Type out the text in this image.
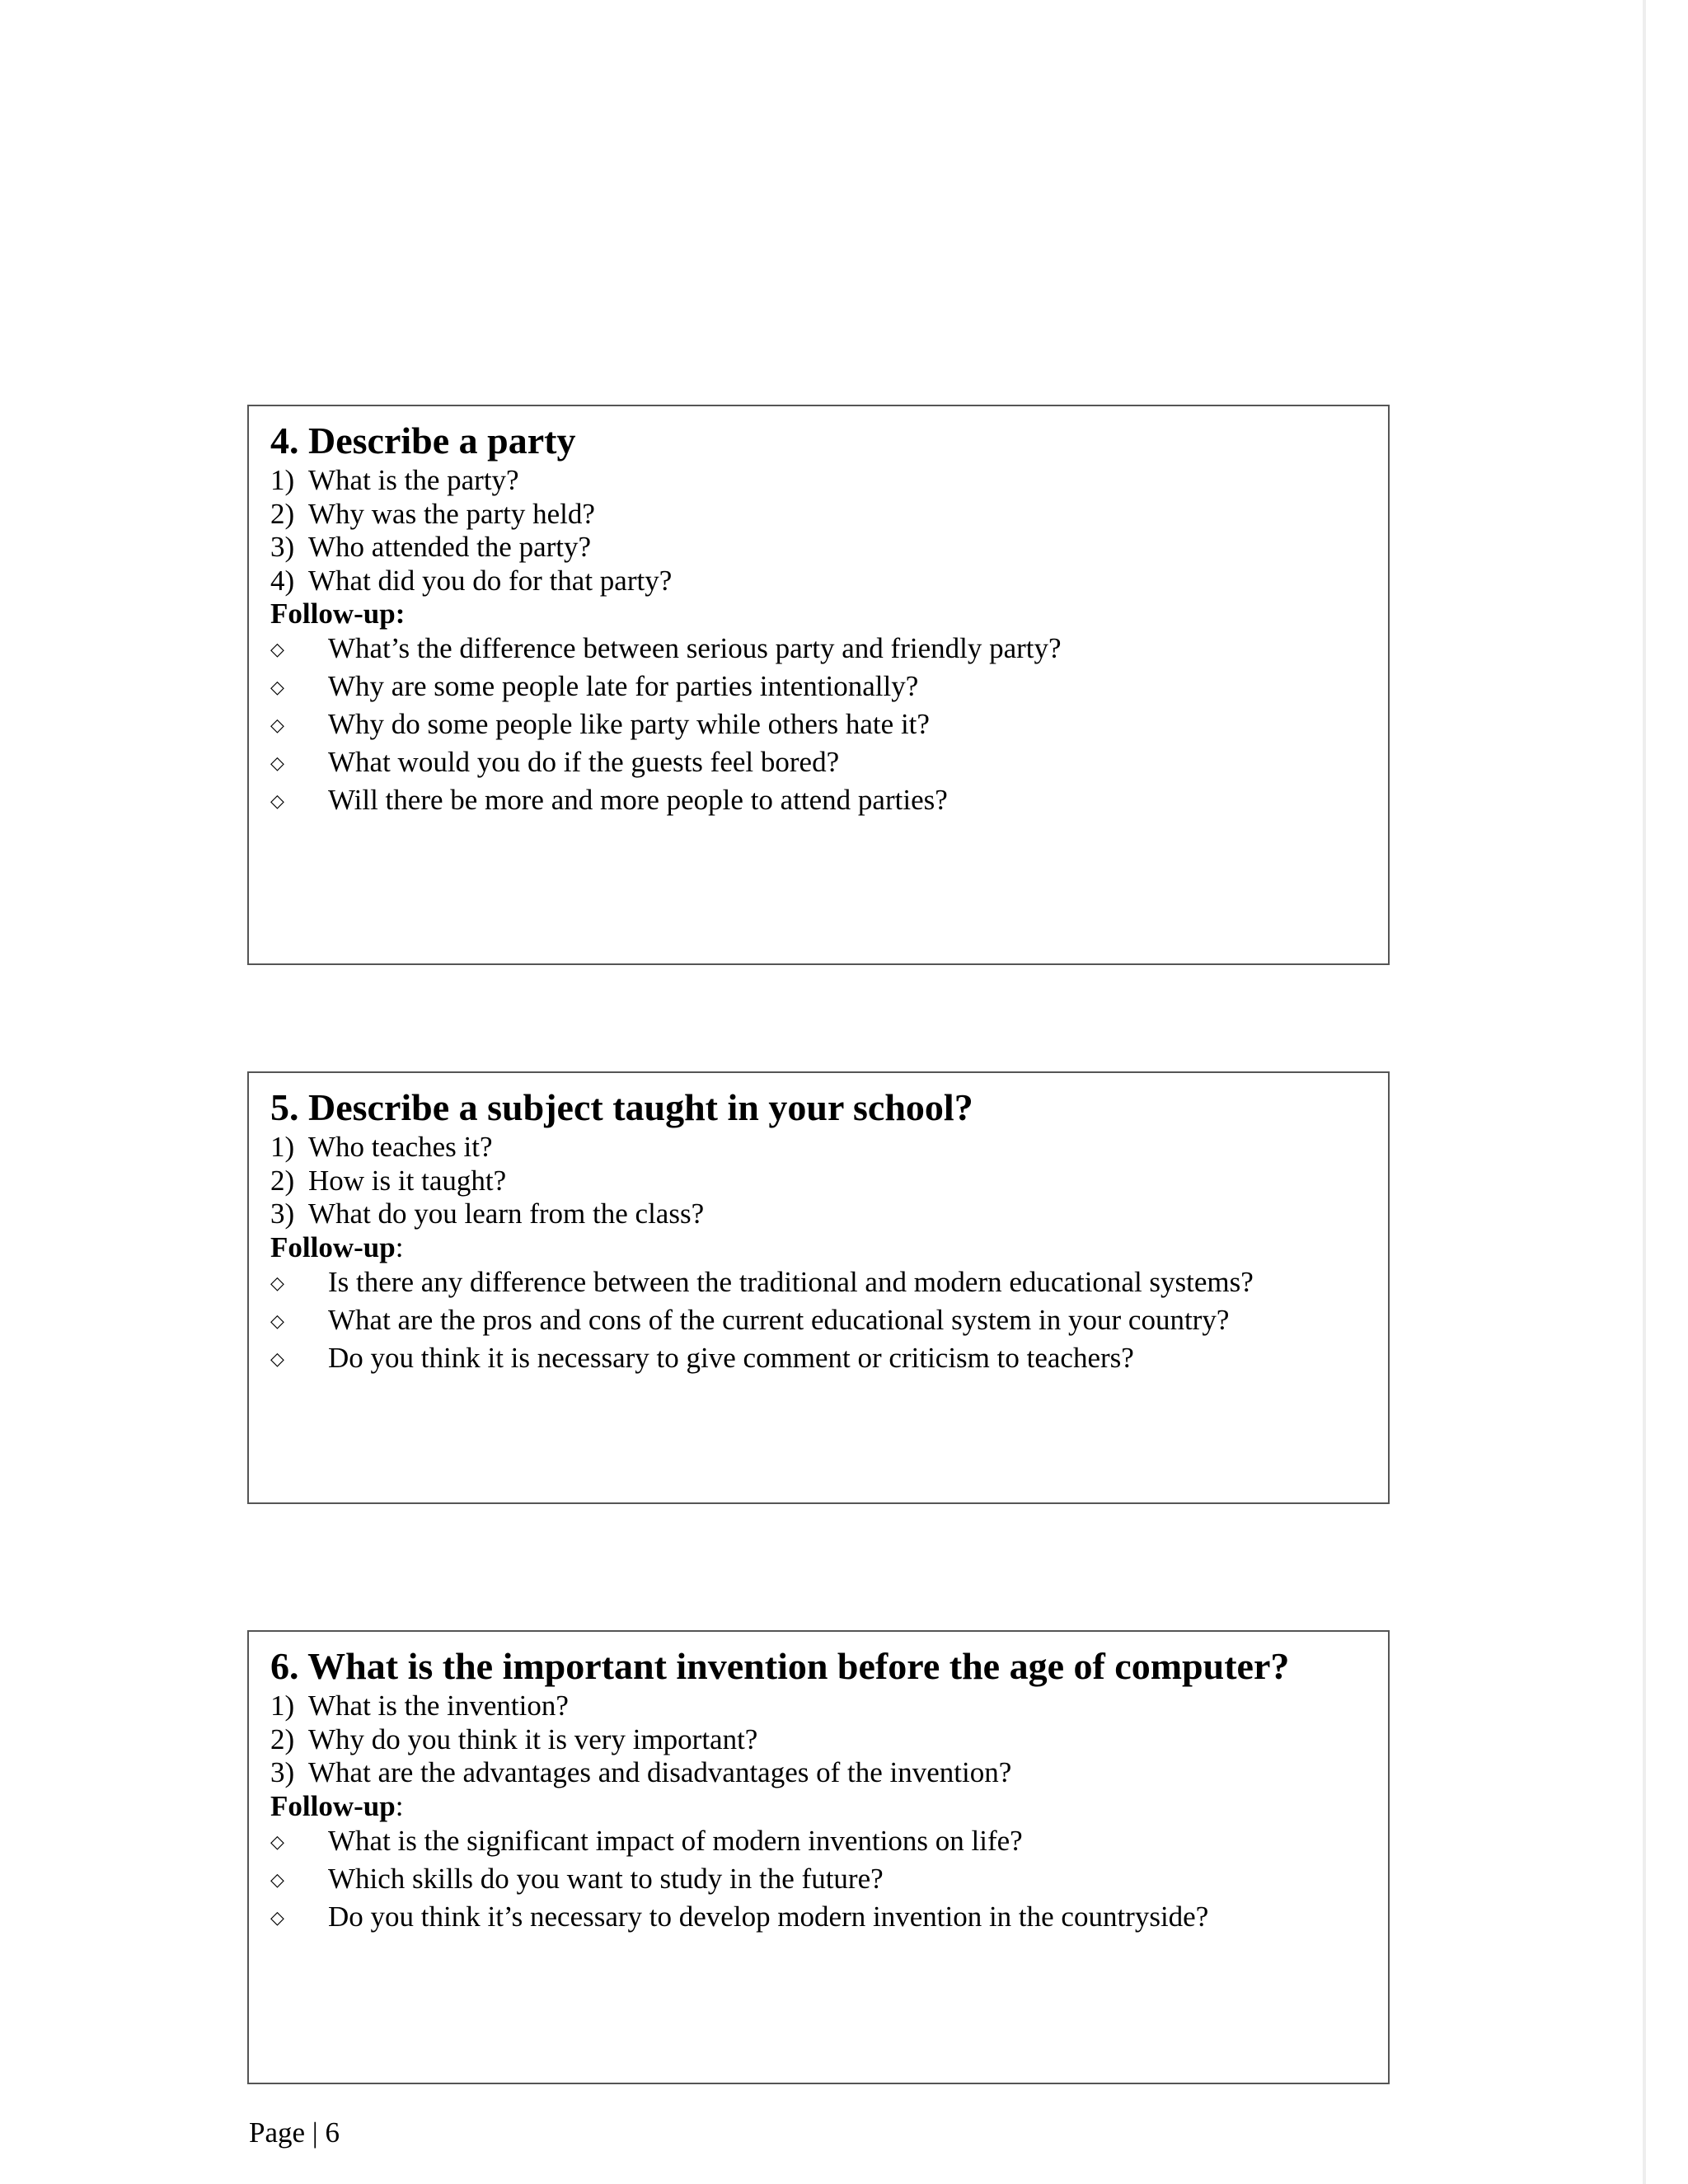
4. Describe a party
1) What is the party?
2) Why was the party held?
3) Who attended the party?
4) What did you do for that party?
Follow-up:
◇ What’s the difference between serious party and friendly party?
◇ Why are some people late for parties intentionally?
◇ Why do some people like party while others hate it?
◇ What would you do if the guests feel bored?
◇ Will there be more and more people to attend parties?
5. Describe a subject taught in your school?
1) Who teaches it?
2) How is it taught?
3) What do you learn from the class?
Follow-up:
◇ Is there any difference between the traditional and modern educational systems?
◇ What are the pros and cons of the current educational system in your country?
◇ Do you think it is necessary to give comment or criticism to teachers?
6. What is the important invention before the age of computer?
1) What is the invention?
2) Why do you think it is very important?
3) What are the advantages and disadvantages of the invention?
Follow-up:
◇ What is the significant impact of modern inventions on life?
◇ Which skills do you want to study in the future?
◇ Do you think it’s necessary to develop modern invention in the countryside?
Page | 6
